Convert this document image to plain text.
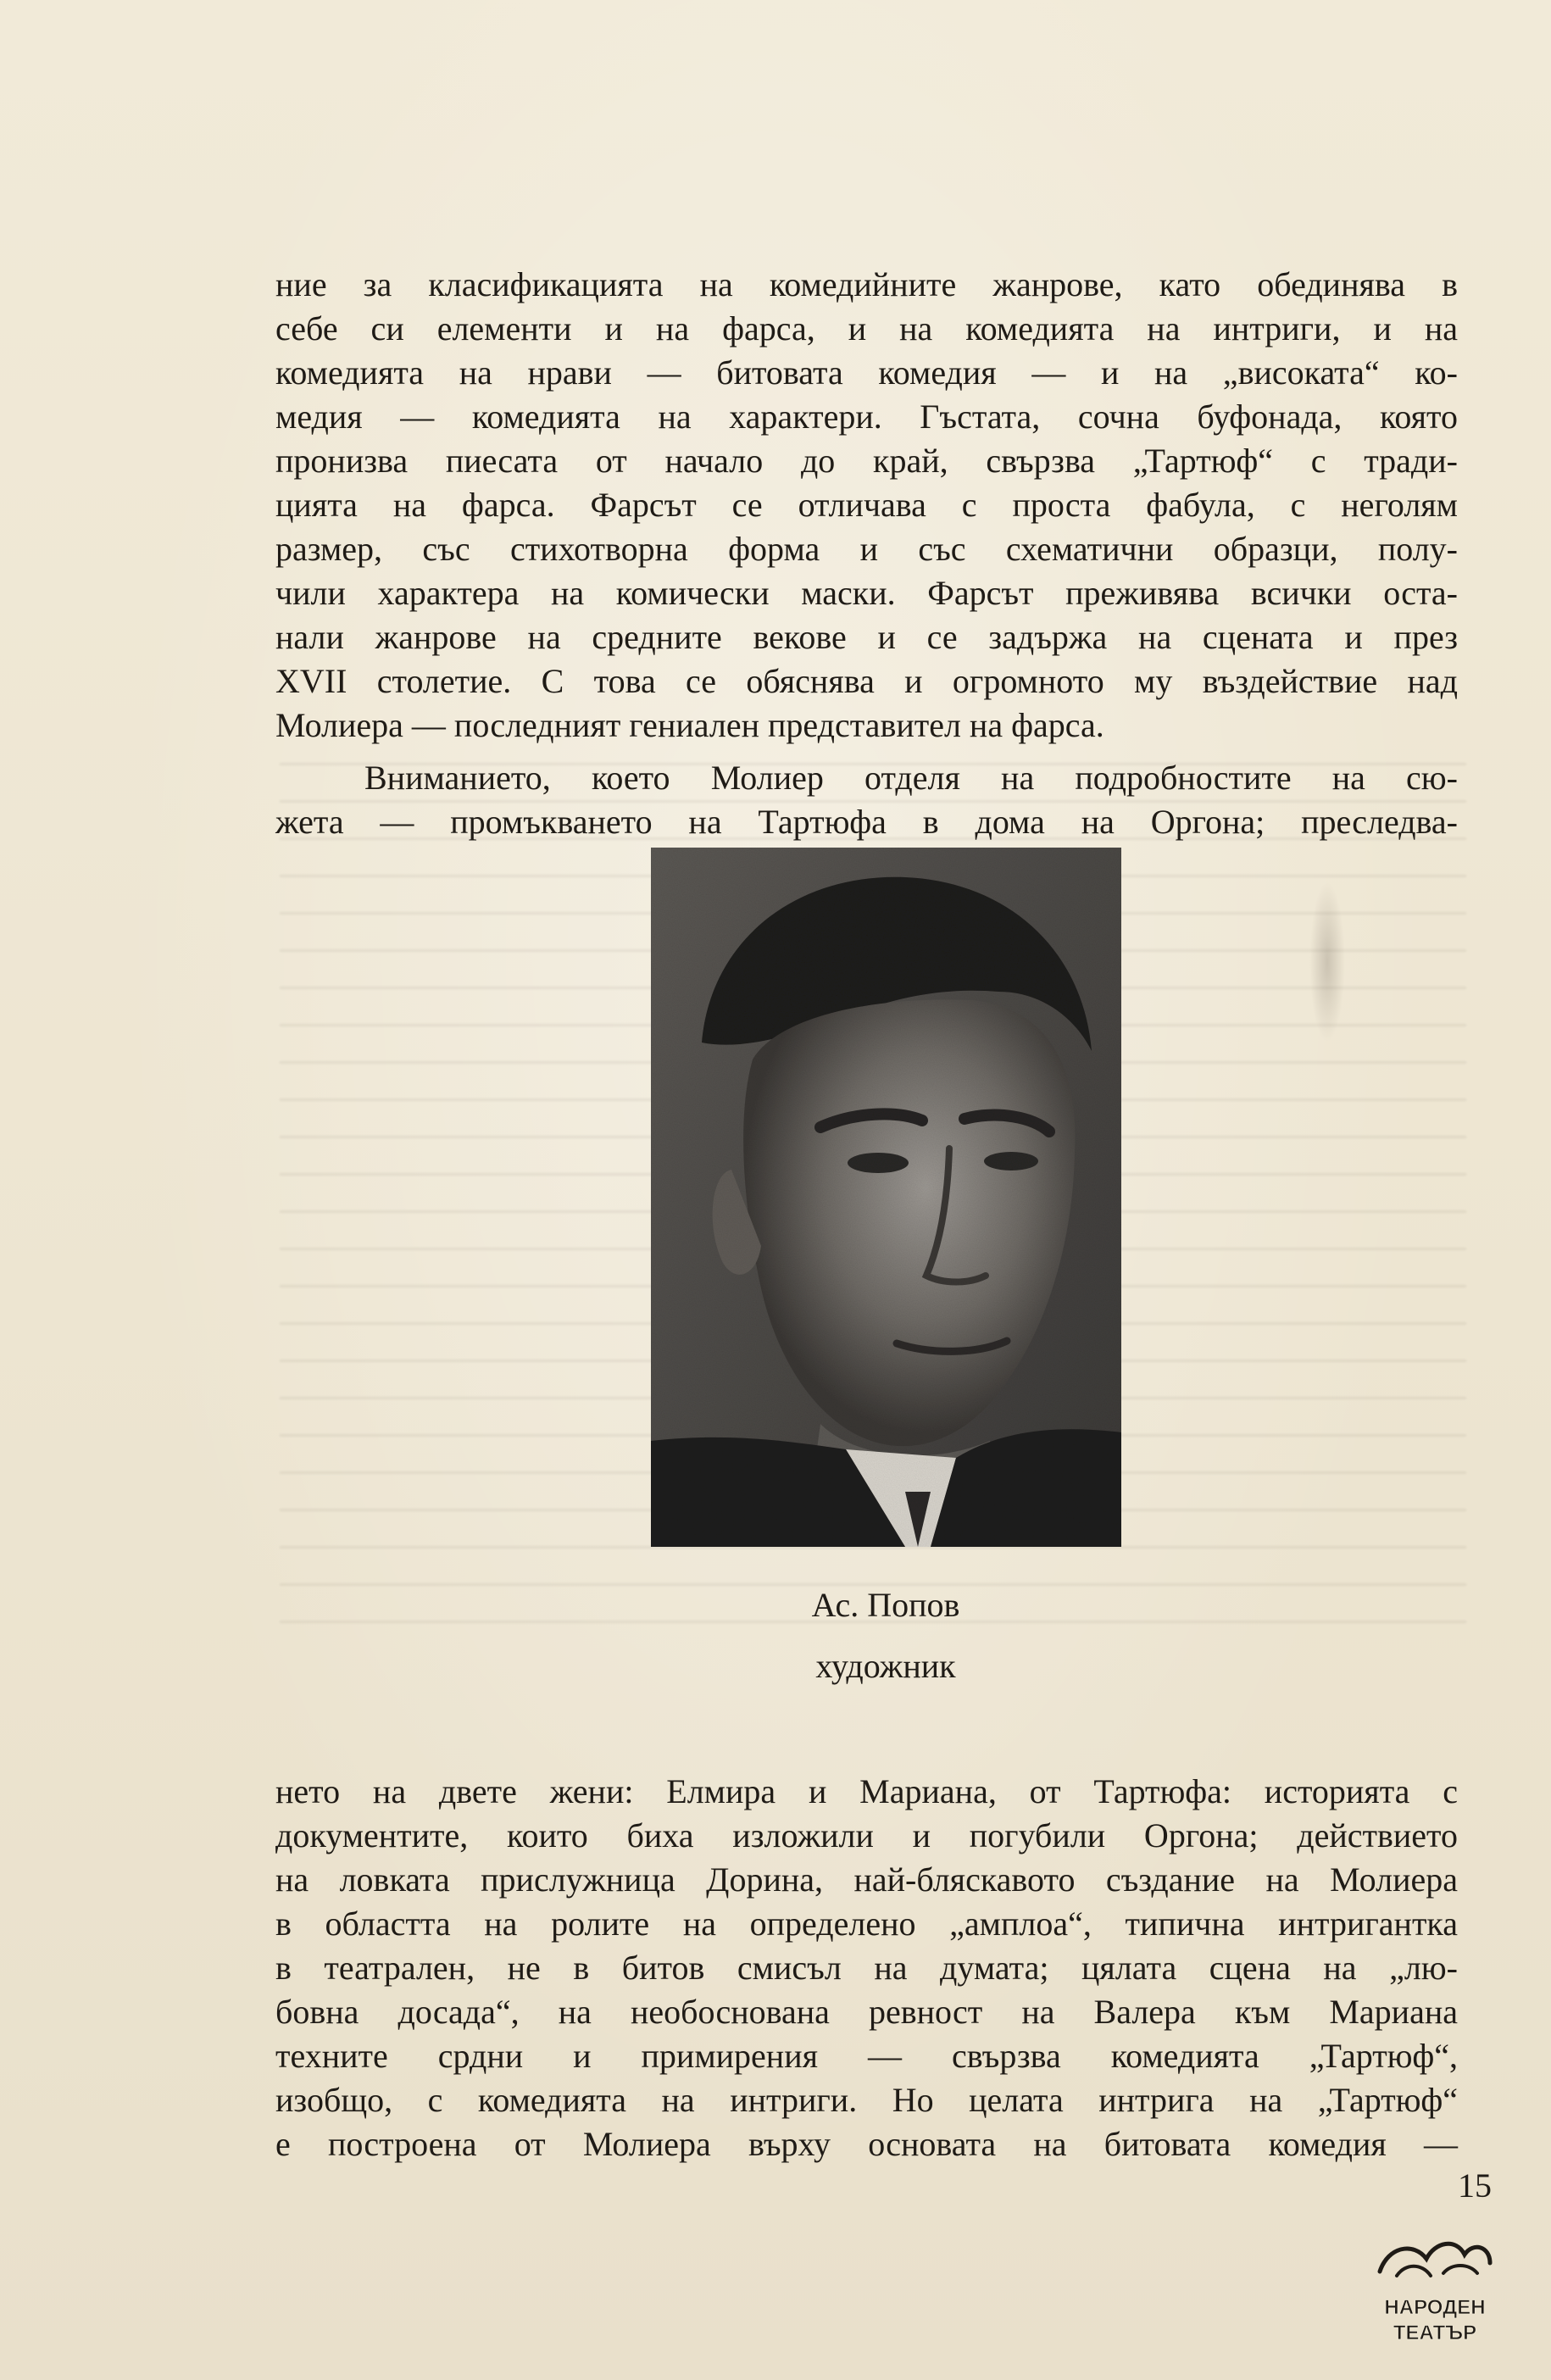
ние за класификацията на комедийните жанрове, като обединява в
себе си елементи и на фарса, и на комедията на интриги, и на
комедията на нрави — битовата комедия — и на „високата“ ко-
медия — комедията на характери. Гъстата, сочна буфонада, която
пронизва пиесата от начало до край, свързва „Тартюф“ с тради-
цията на фарса. Фарсът се отличава с проста фабула, с неголям
размер, със стихотворна форма и със схематични образци, полу-
чили характера на комически маски. Фарсът преживява всички оста-
нали жанрове на средните векове и се задържа на сцената и през
XVII столетие. С това се обяснява и огромното му въздействие над
Молиера — последният гениален представител на фарса.
Вниманието, което Молиер отделя на подробностите на сю-
жета — промъкването на Тартюфа в дома на Оргона; преследва-
Ас. Попов
художник
нето на двете жени: Елмира и Мариана, от Тартюфа: историята с
документите, които биха изложили и погубили Оргона; действието
на ловката прислужница Дорина, най-бляскавото създание на Молиера
в областта на ролите на определено „амплоа“, типична интригантка
в театрален, не в битов смисъл на думата; цялата сцена на „лю-
бовна досада“, на необоснована ревност на Валера към Мариана
техните срдни и примирения — свързва комедията „Тартюф“,
изобщо, с комедията на интриги. Но целата интрига на „Тартюф“
е построена от Молиера върху основата на битовата комедия —
15
НАРОДЕН
ТЕАТЪР
